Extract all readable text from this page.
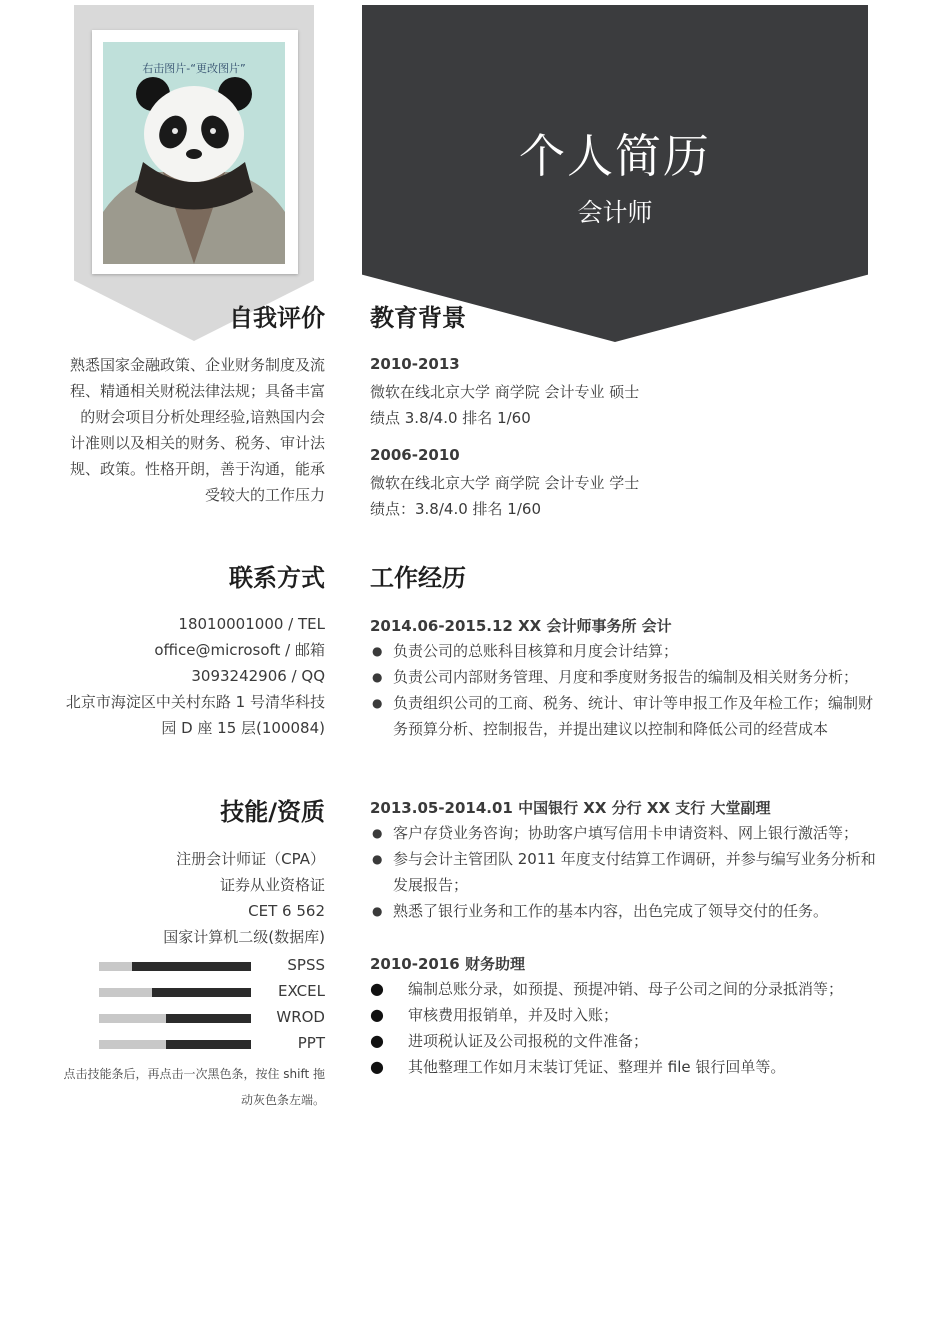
右击图片-“更改图片”
个人简历
会计师
自我评价
熟悉国家金融政策、企业财务制度及流
程、精通相关财税法律法规；具备丰富
的财会项目分析处理经验,谙熟国内会
计准则以及相关的财务、税务、审计法
规、政策。性格开朗，善于沟通，能承
受较大的工作压力
联系方式
18010001000 / TEL
office@microsoft / 邮箱
3093242906 / QQ
北京市海淀区中关村东路 1 号清华科技
园 D 座 15 层(100084)
技能/资质
注册会计师证（CPA）
证券从业资格证
CET 6 562
国家计算机二级(数据库)
SPSS
EXCEL
WROD
PPT
点击技能条后，再点击一次黑色条，按住 shift 拖
动灰色条左端。
教育背景
2010-2013
微软在线北京大学 商学院 会计专业 硕士
绩点 3.8/4.0 排名 1/60
2006-2010
微软在线北京大学 商学院 会计专业 学士
绩点：3.8/4.0 排名 1/60
工作经历
2014.06-2015.12 XX 会计师事务所 会计
● 负责公司的总账科目核算和月度会计结算；
● 负责公司内部财务管理、月度和季度财务报告的编制及相关财务分析；
● 负责组织公司的工商、税务、统计、审计等申报工作及年检工作；编制财务预算分析、控制报告，并提出建议以控制和降低公司的经营成本
2013.05-2014.01 中国银行 XX 分行 XX 支行 大堂副理
● 客户存贷业务咨询；协助客户填写信用卡申请资料、网上银行激活等；
● 参与会计主管团队 2011 年度支付结算工作调研，并参与编写业务分析和发展报告；
● 熟悉了银行业务和工作的基本内容，出色完成了领导交付的任务。
2010-2016 财务助理
● 编制总账分录，如预提、预提冲销、母子公司之间的分录抵消等；
● 审核费用报销单，并及时入账；
● 进项税认证及公司报税的文件准备；
● 其他整理工作如月末装订凭证、整理并 file 银行回单等。
